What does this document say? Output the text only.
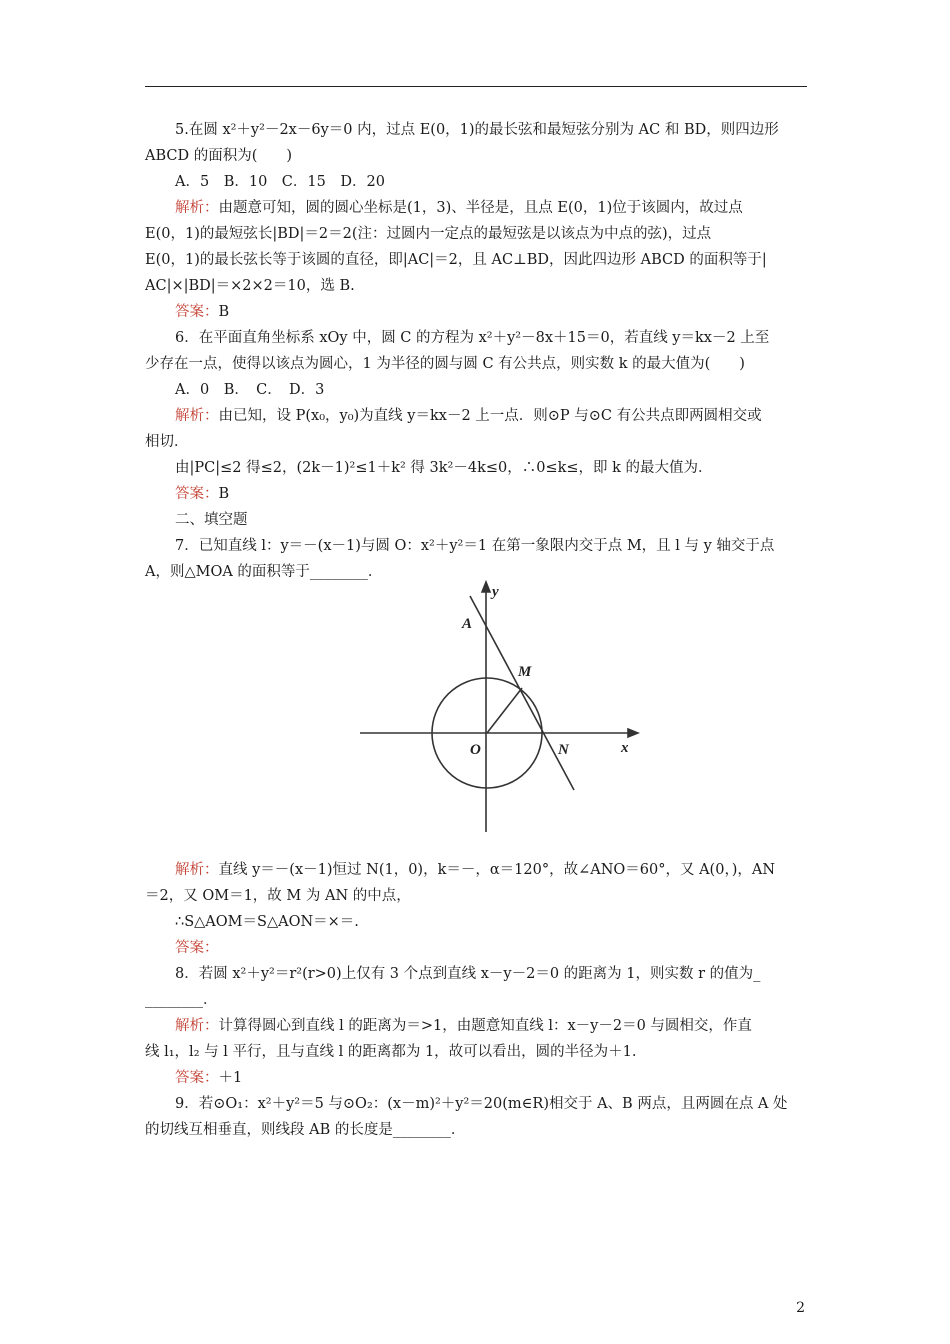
5.在圆 x²＋y²－2x－6y＝0 内，过点 E(0，1)的最长弦和最短弦分别为 AC 和 BD，则四边形
ABCD 的面积为(　　)
A．5　B．10　C．15　D．20
解析：由题意可知，圆的圆心坐标是(1，3)、半径是，且点 E(0，1)位于该圆内，故过点
E(0，1)的最短弦长|BD|＝2＝2(注：过圆内一定点的最短弦是以该点为中点的弦)，过点
E(0，1)的最长弦长等于该圆的直径，即|AC|＝2，且 AC⊥BD，因此四边形 ABCD 的面积等于|
AC|×|BD|＝×2×2＝10，选 B.
答案：B
6．在平面直角坐标系 xOy 中，圆 C 的方程为 x²＋y²－8x＋15＝0，若直线 y＝kx－2 上至
少存在一点，使得以该点为圆心，1 为半径的圆与圆 C 有公共点，则实数 k 的最大值为(　　)
A．0　B．　C．　D．3
解析：由已知，设 P(x₀，y₀)为直线 y＝kx－2 上一点．则⊙P 与⊙C 有公共点即两圆相交或
相切．
由|PC|≤2 得≤2，(2k－1)²≤1＋k² 得 3k²－4k≤0，∴0≤k≤，即 k 的最大值为．
答案：B
二、填空题
7．已知直线 l：y＝－(x－1)与圆 O：x²＋y²＝1 在第一象限内交于点 M，且 l 与 y 轴交于点
A，则△MOA 的面积等于________．
解析：直线 y＝－(x－1)恒过 N(1，0)，k＝－，α＝120°，故∠ANO＝60°，又 A(0，)，AN
＝2，又 OM＝1，故 M 为 AN 的中点，
∴S△AOM＝S△AON＝×＝.
答案：
8．若圆 x²＋y²＝r²(r>0)上仅有 3 个点到直线 x－y－2＝0 的距离为 1，则实数 r 的值为_
________．
解析：计算得圆心到直线 l 的距离为＝>1，由题意知直线 l：x－y－2＝0 与圆相交，作直
线 l₁，l₂ 与 l 平行，且与直线 l 的距离都为 1，故可以看出，圆的半径为＋1.
答案：＋1
9．若⊙O₁：x²＋y²＝5 与⊙O₂：(x－m)²＋y²＝20(m∈R)相交于 A、B 两点，且两圆在点 A 处
的切线互相垂直，则线段 AB 的长度是________．
A
M
O	N	x
y
2
